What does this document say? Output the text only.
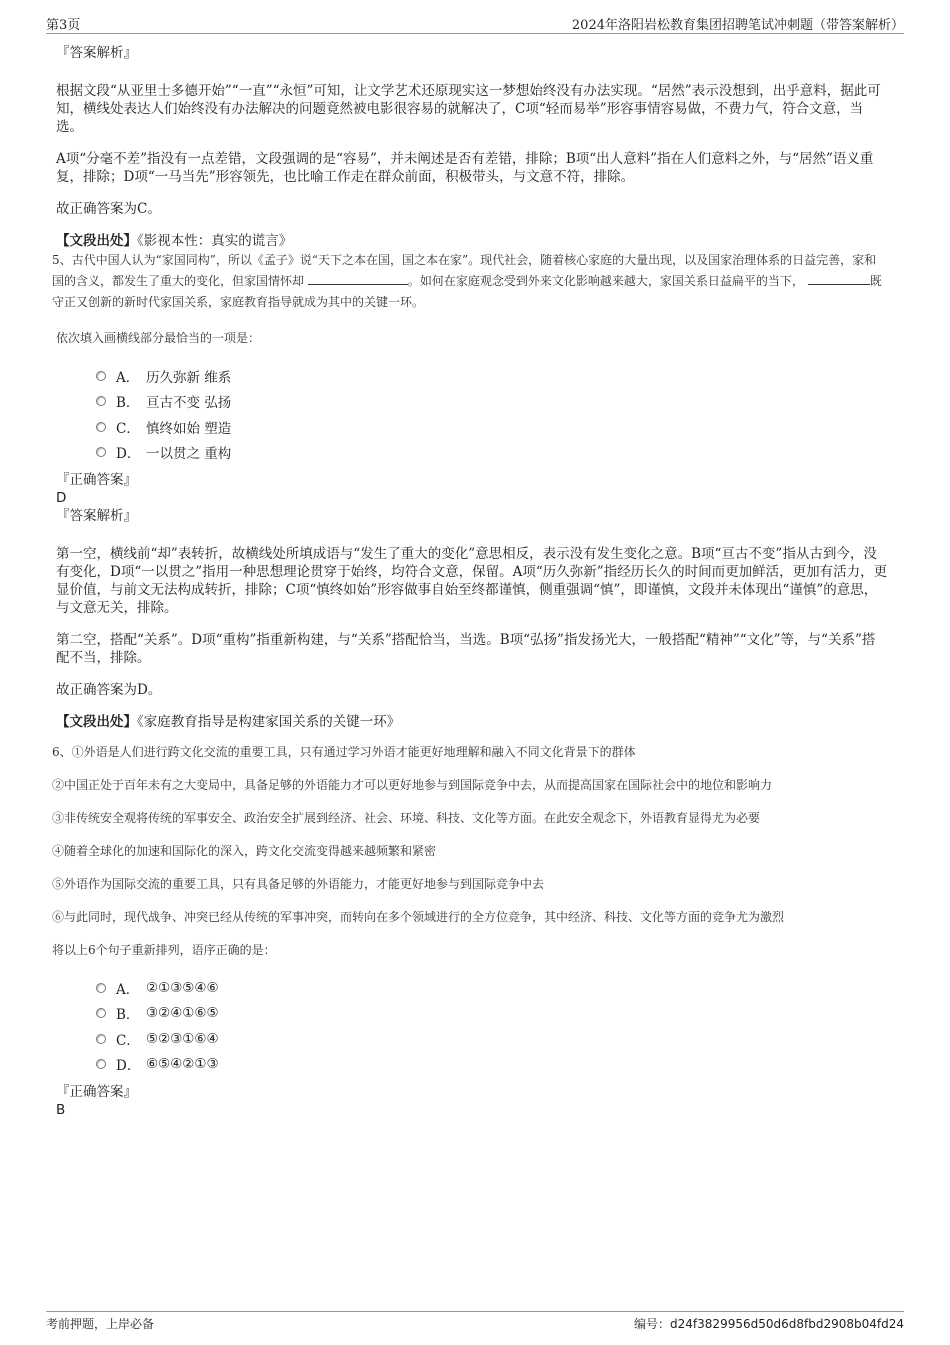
第3页	2024年洛阳岩松教育集团招聘笔试冲刺题（带答案解析）
『答案解析』
根据文段“从亚里士多德开始”“一直”“永恒”可知，让文学艺术还原现实这一梦想始终没有办法实现。“居然”表示没想到，出乎意料，据此可知，横线处表达人们始终没有办法解决的问题竟然被电影很容易的就解决了，C项“轻而易举”形容事情容易做，不费力气，符合文意，当选。
A项“分毫不差”指没有一点差错，文段强调的是“容易”，并未阐述是否有差错，排除；B项“出人意料”指在人们意料之外，与“居然”语义重复，排除；D项“一马当先”形容领先，也比喻工作走在群众前面，积极带头，与文意不符，排除。
故正确答案为C。
【文段出处】《影视本性：真实的谎言》
5、古代中国人认为“家国同构”，所以《孟子》说“天下之本在国，国之本在家”。现代社会，随着核心家庭的大量出现，以及国家治理体系的日益完善，家和国的含义，都发生了重大的变化，但家国情怀却	。如何在家庭观念受到外来文化影响越来越大，家国关系日益扁平的当下，	既守正又创新的新时代家国关系，家庭教育指导就成为其中的关键一环。
依次填入画横线部分最恰当的一项是：
A． 历久弥新 维系
B． 亘古不变 弘扬
C． 慎终如始 塑造
D． 一以贯之 重构
『正确答案』
D
『答案解析』
第一空，横线前“却”表转折，故横线处所填成语与“发生了重大的变化”意思相反，表示没有发生变化之意。B项“亘古不变”指从古到今，没有变化，D项“一以贯之”指用一种思想理论贯穿于始终，均符合文意，保留。A项“历久弥新”指经历长久的时间而更加鲜活，更加有活力，更显价值，与前文无法构成转折，排除；C项“慎终如始”形容做事自始至终都谨慎，侧重强调“慎”，即谨慎，文段并未体现出“谨慎”的意思，与文意无关，排除。
第二空，搭配“关系”。D项“重构”指重新构建，与“关系”搭配恰当，当选。B项“弘扬”指发扬光大，一般搭配“精神”“文化”等，与“关系”搭配不当，排除。
故正确答案为D。
【文段出处】《家庭教育指导是构建家国关系的关键一环》
6、①外语是人们进行跨文化交流的重要工具，只有通过学习外语才能更好地理解和融入不同文化背景下的群体
②中国正处于百年未有之大变局中，具备足够的外语能力才可以更好地参与到国际竞争中去，从而提高国家在国际社会中的地位和影响力
③非传统安全观将传统的军事安全、政治安全扩展到经济、社会、环境、科技、文化等方面。在此安全观念下，外语教育显得尤为必要
④随着全球化的加速和国际化的深入，跨文化交流变得越来越频繁和紧密
⑤外语作为国际交流的重要工具，只有具备足够的外语能力，才能更好地参与到国际竞争中去
⑥与此同时，现代战争、冲突已经从传统的军事冲突，而转向在多个领域进行的全方位竞争，其中经济、科技、文化等方面的竞争尤为激烈
将以上6个句子重新排列，语序正确的是：
A． ②①③⑤④⑥
B． ③②④①⑥⑤
C． ⑤②③①⑥④
D． ⑥⑤④②①③
『正确答案』
B
考前押题，上岸必备	编号：d24f3829956d50d6d8fbd2908b04fd24
